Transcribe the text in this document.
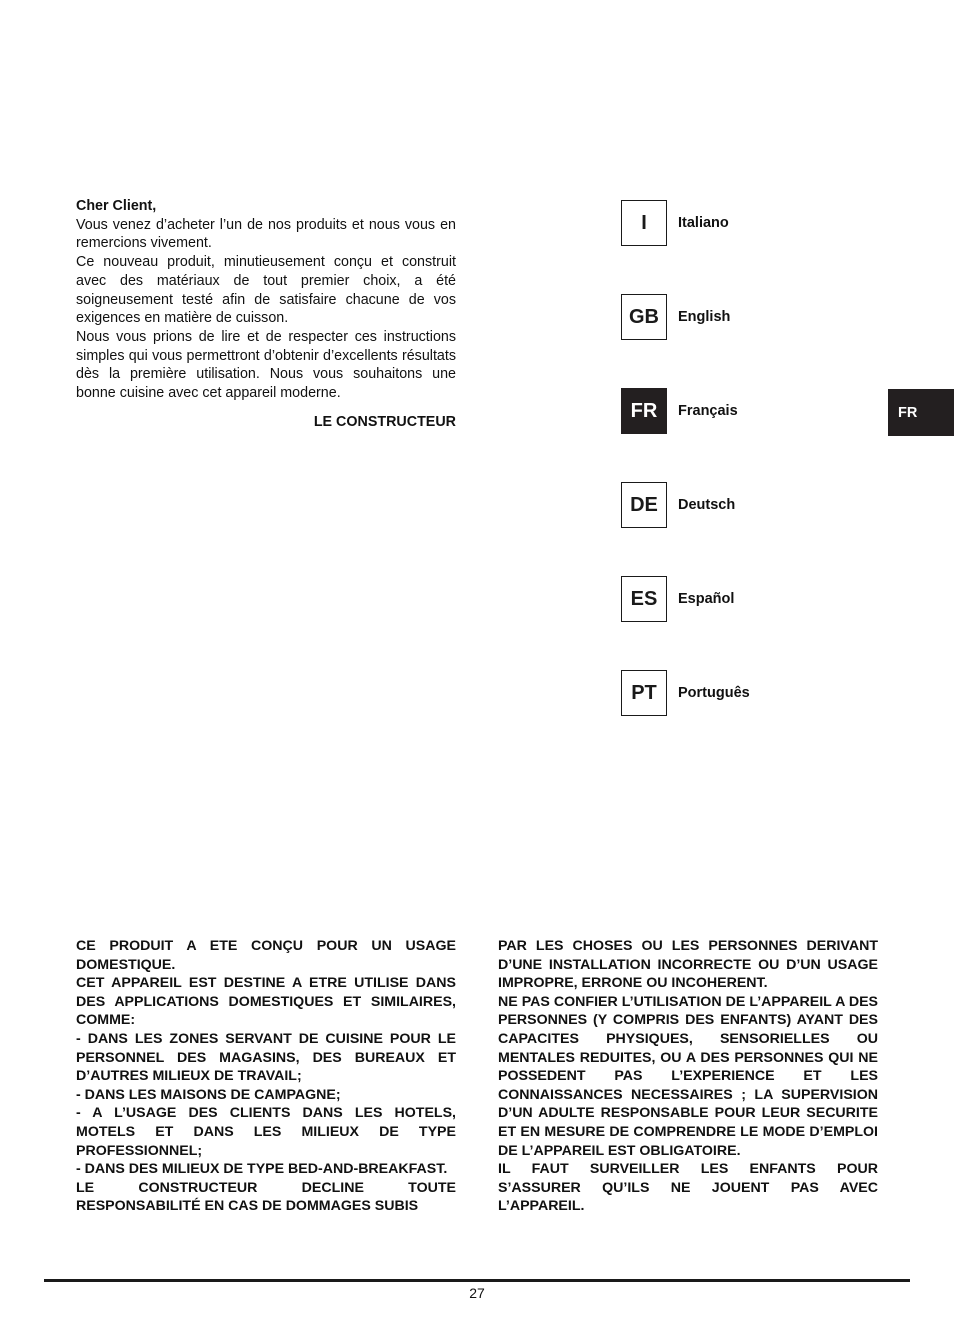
Cher Client,

Vous venez d’acheter l’un de nos produits et nous vous en remercions vivement.

Ce nouveau produit, minutieusement conçu et construit avec des matériaux de tout premier choix, a été soigneusement testé afin de satisfaire chacune de vos exigences en matière de cuisson.

Nous vous prions de lire et de respecter ces instructions simples qui vous permettront d’obtenir d’excellents résultats dès la première utilisation. Nous vous souhaitons une bonne cuisine avec cet appareil moderne.

LE CONSTRUCTEUR

I	Italiano
GB	English
FR	Français
DE	Deutsch
ES	Español
PT	Português
FR

CE PRODUIT A ETE CONÇU POUR UN USAGE DOMESTIQUE.

CET APPAREIL EST DESTINE A ETRE UTILISE DANS DES APPLICATIONS DOMESTIQUES ET SIMILAIRES, COMME:

- DANS LES ZONES SERVANT DE CUISINE POUR LE PERSONNEL DES MAGASINS, DES BUREAUX ET D’AUTRES MILIEUX DE TRAVAIL;

- DANS LES MAISONS DE CAMPAGNE;

- A L’USAGE DES CLIENTS DANS LES HOTELS, MOTELS ET DANS LES MILIEUX DE TYPE PROFESSIONNEL;

- DANS DES MILIEUX DE TYPE BED-AND-BREAKFAST.

LE CONSTRUCTEUR DECLINE TOUTE RESPONSABILITÉ EN CAS DE DOMMAGES SUBIS

PAR LES CHOSES OU LES PERSONNES DERIVANT D’UNE INSTALLATION INCORRECTE OU D’UN USAGE IMPROPRE, ERRONE OU INCOHERENT.

NE PAS CONFIER L’UTILISATION DE L’APPAREIL A DES PERSONNES (Y COMPRIS DES ENFANTS) AYANT DES CAPACITES PHYSIQUES, SENSORIELLES OU MENTALES REDUITES, OU A DES PERSONNES QUI NE POSSEDENT PAS L’EXPERIENCE ET LES CONNAISSANCES NECESSAIRES ; LA SUPERVISION D’UN ADULTE RESPONSABLE POUR LEUR SECURITE ET EN MESURE DE COMPRENDRE LE MODE D’EMPLOI DE L’APPAREIL EST OBLIGATOIRE.

IL FAUT SURVEILLER LES ENFANTS POUR S’ASSURER QU’ILS NE JOUENT PAS AVEC L’APPAREIL.

27
